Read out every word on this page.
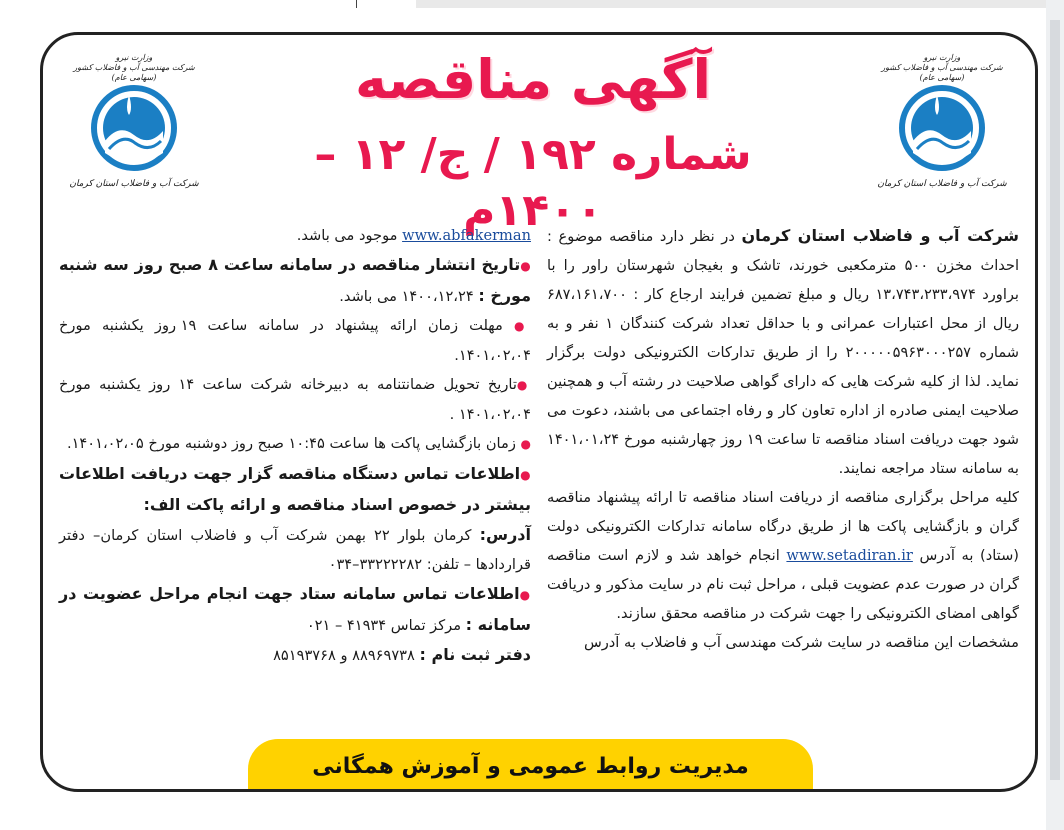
وزارت نیرو
شرکت مهندسی آب و فاضلاب کشور
(سهامی عام)
شرکت آب و فاضلاب استان کرمان
وزارت نیرو
شرکت مهندسی آب و فاضلاب کشور
(سهامی عام)
شرکت آب و فاضلاب استان کرمان
آگهی مناقصه
شماره ۱۹۲ / ج/ ۱۲ – ۱۴۰۰م	شرکت آب و فاضلاب استان کرمان در نظر دارد مناقصه موضوع : احداث مخزن ۵۰۰ مترمکعبی خورند، تاشک و بغیجان شهرستان راور را با براورد ۱۳،۷۴۳،۲۳۳،۹۷۴ ریال و مبلغ تضمین فرایند ارجاع کار : ۶۸۷،۱۶۱،۷۰۰ ریال از محل اعتبارات عمرانی و با حداقل تعداد شرکت کنندگان ۱ نفر و به شماره ۲۰۰۰۰۰۵۹۶۳۰۰۰۲۵۷ را از طریق تدارکات الکترونیکی دولت برگزار نماید. لذا از کلیه شرکت هایی که دارای گواهی صلاحیت در رشته آب و همچنین صلاحیت ایمنی صادره از اداره تعاون کار و رفاه اجتماعی می باشند، دعوت می شود جهت دریافت اسناد مناقصه تا ساعت ۱۹ روز چهارشنبه مورخ ۱۴۰۱،۰۱،۲۴ به سامانه ستاد مراجعه نمایند.
کلیه مراحل برگزاری مناقصه از دریافت اسناد مناقصه تا ارائه پیشنهاد مناقصه گران و بازگشایی پاکت ها از طریق درگاه سامانه تدارکات الکترونیکی دولت (ستاد) به آدرس www.setadiran.ir انجام خواهد شد و لازم است مناقصه گران در صورت عدم عضویت قبلی ، مراحل ثبت نام در سایت مذکور و دریافت گواهی امضای الکترونیکی را جهت شرکت در مناقصه محقق سازند.
مشخصات این مناقصه در سایت شرکت مهندسی آب و فاضلاب به آدرس
www.abfakerman موجود می باشد.
●تاریخ انتشار مناقصه در سامانه ساعت ۸ صبح روز سه شنبه مورخ : ۱۴۰۰،۱۲،۲۴ می باشد.
● مهلت زمان ارائه پیشنهاد در سامانه ساعت ۱۹ روز یکشنبه مورخ ۱۴۰۱،۰۲،۰۴.
●تاریخ تحویل ضمانتنامه به دبیرخانه شرکت ساعت ۱۴ روز یکشنبه مورخ ۱۴۰۱،۰۲،۰۴ .
● زمان بازگشایی پاکت ها ساعت ۱۰:۴۵ صبح روز دوشنبه مورخ ۱۴۰۱،۰۲،۰۵.
●اطلاعات تماس دستگاه مناقصه گزار جهت دریافت اطلاعات بیشتر در خصوص اسناد مناقصه و ارائه پاکت الف:
آدرس: کرمان بلوار ۲۲ بهمن شرکت آب و فاضلاب استان کرمان– دفتر قراردادها – تلفن: ۳۳۲۲۲۲۸۲–۰۳۴
●اطلاعات تماس سامانه ستاد جهت انجام مراحل عضویت در سامانه : مرکز تماس ۴۱۹۳۴ – ۰۲۱
دفتر ثبت نام : ۸۸۹۶۹۷۳۸ و ۸۵۱۹۳۷۶۸
مدیریت روابط عمومی و آموزش همگانی
